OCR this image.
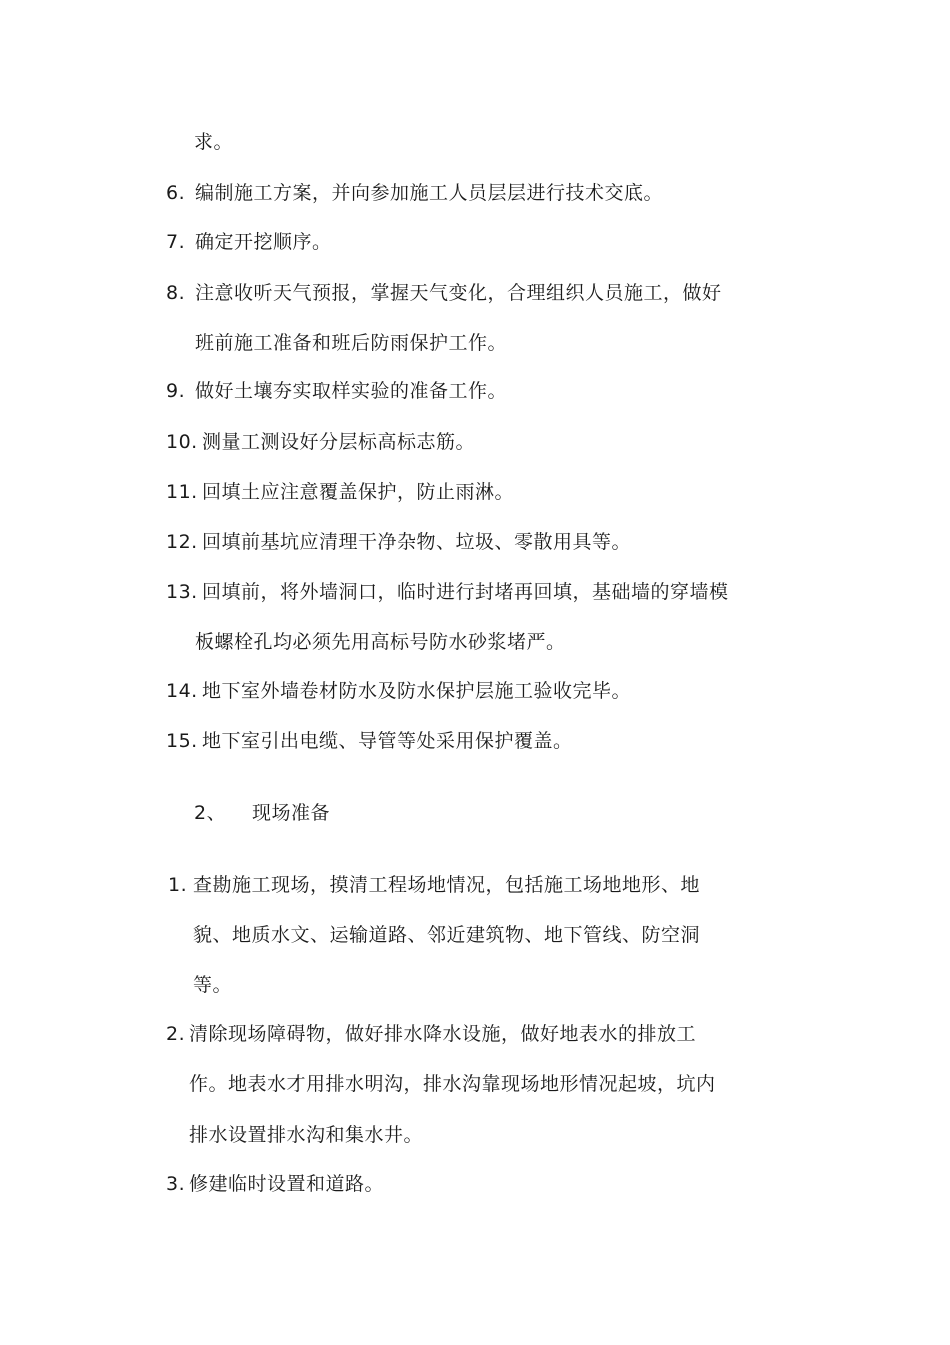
求。
6. 编制施工方案，并向参加施工人员层层进行技术交底。
7. 确定开挖顺序。
8. 注意收听天气预报，掌握天气变化，合理组织人员施工，做好
班前施工准备和班后防雨保护工作。
9. 做好土壤夯实取样实验的准备工作。
10. 测量工测设好分层标高标志筋。
11. 回填土应注意覆盖保护，防止雨淋。
12. 回填前基坑应清理干净杂物、垃圾、零散用具等。
13. 回填前，将外墙洞口，临时进行封堵再回填，基础墙的穿墙模
板螺栓孔均必须先用高标号防水砂浆堵严。
14. 地下室外墙卷材防水及防水保护层施工验收完毕。
15. 地下室引出电缆、导管等处采用保护覆盖。
2、 现场准备
1. 查勘施工现场，摸清工程场地情况，包括施工场地地形、地
貌、地质水文、运输道路、邻近建筑物、地下管线、防空洞
等。
2. 清除现场障碍物，做好排水降水设施，做好地表水的排放工
作。地表水才用排水明沟，排水沟靠现场地形情况起坡，坑内
排水设置排水沟和集水井。
3. 修建临时设置和道路。
